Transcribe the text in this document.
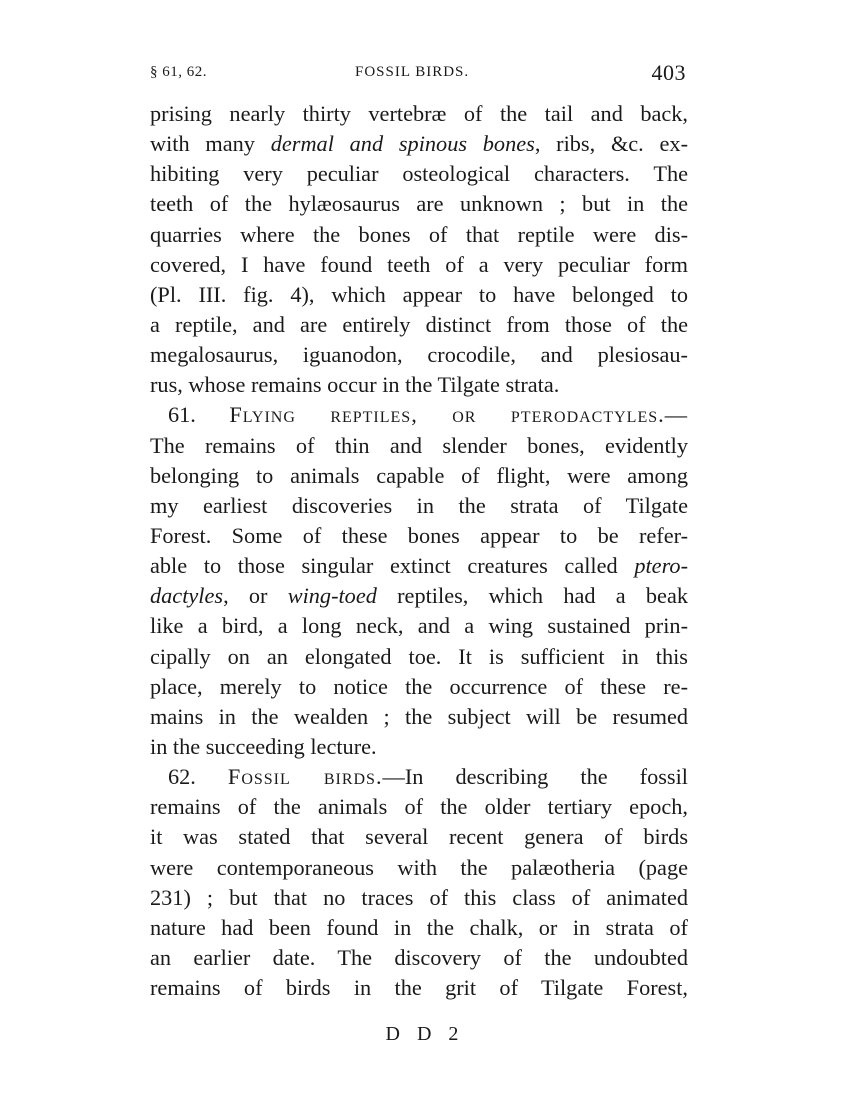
§ 61, 62.	FOSSIL BIRDS.	403
prising nearly thirty vertebræ of the tail and back,
with many dermal and spinous bones, ribs, &c. ex-
hibiting very peculiar osteological characters. The
teeth of the hylæosaurus are unknown ; but in the
quarries where the bones of that reptile were dis-
covered, I have found teeth of a very peculiar form
(Pl. III. fig. 4), which appear to have belonged to
a reptile, and are entirely distinct from those of the
megalosaurus, iguanodon, crocodile, and plesiosau-
rus, whose remains occur in the Tilgate strata.
61. Flying reptiles, or pterodactyles.—
The remains of thin and slender bones, evidently
belonging to animals capable of flight, were among
my earliest discoveries in the strata of Tilgate
Forest. Some of these bones appear to be refer-
able to those singular extinct creatures called ptero-
dactyles, or wing-toed reptiles, which had a beak
like a bird, a long neck, and a wing sustained prin-
cipally on an elongated toe. It is sufficient in this
place, merely to notice the occurrence of these re-
mains in the wealden ; the subject will be resumed
in the succeeding lecture.
62. Fossil birds.—In describing the fossil
remains of the animals of the older tertiary epoch,
it was stated that several recent genera of birds
were contemporaneous with the palæotheria (page
231) ; but that no traces of this class of animated
nature had been found in the chalk, or in strata of
an earlier date. The discovery of the undoubted
remains of birds in the grit of Tilgate Forest,
D D 2
